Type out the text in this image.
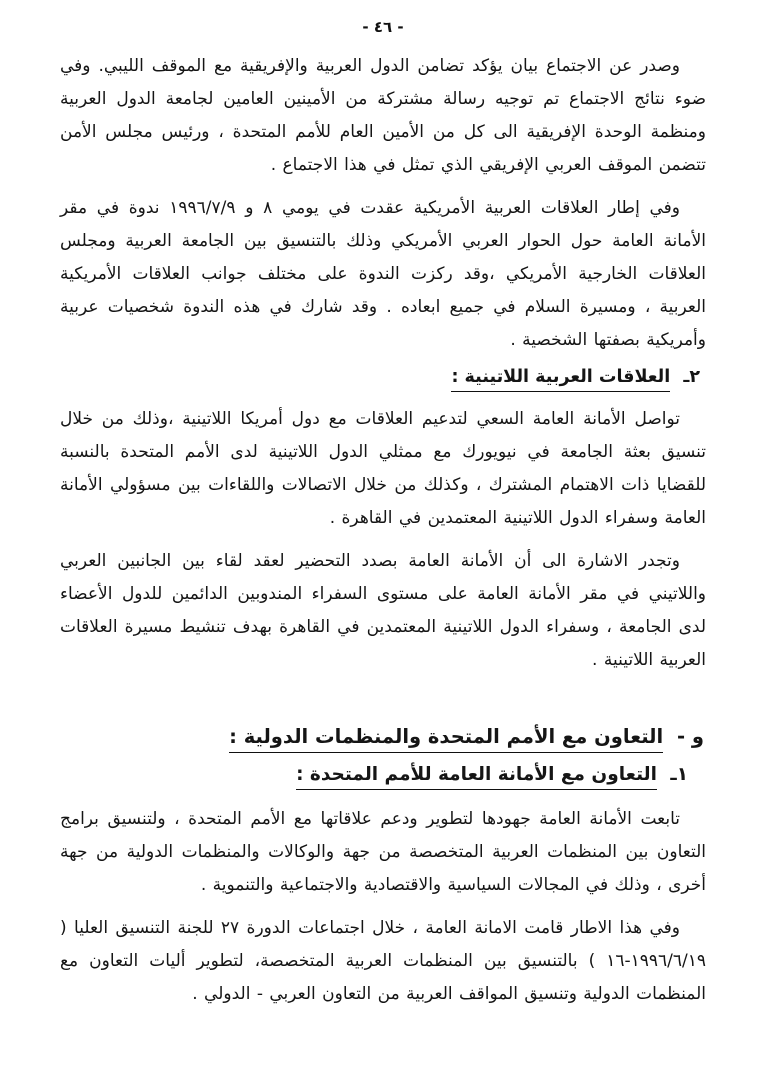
- ٤٦ -

وصدر عن الاجتماع بيان يؤكد تضامن الدول العربية والإفريقية مع الموقف الليبي. وفي ضوء نتائج الاجتماع تم توجيه رسالة مشتركة من الأمينين العامين لجامعة الدول العربية ومنظمة الوحدة الإفريقية الى كل من الأمين العام للأمم المتحدة ، ورئيس مجلس الأمن تتضمن الموقف العربي الإفريقي الذي تمثل في هذا الاجتماع .

وفي إطار العلاقات العربية الأمريكية عقدت في يومي ٨ و ١٩٩٦/٧/٩ ندوة في مقر الأمانة العامة حول الحوار العربي الأمريكي وذلك بالتنسيق بين الجامعة العربية ومجلس العلاقات الخارجية الأمريكي ،وقد ركزت الندوة على مختلف جوانب العلاقات الأمريكية العربية ، ومسيرة السلام في جميع ابعاده . وقد شارك في هذه الندوة شخصيات عربية وأمريكية بصفتها الشخصية .

٢ـ العلاقات العربية اللاتينية :

تواصل الأمانة العامة السعي لتدعيم العلاقات مع دول أمريكا اللاتينية ،وذلك من خلال تنسيق بعثة الجامعة في نيويورك مع ممثلي الدول اللاتينية لدى الأمم المتحدة بالنسبة للقضايا ذات الاهتمام المشترك ، وكذلك من خلال الاتصالات واللقاءات بين مسؤولي الأمانة العامة وسفراء الدول اللاتينية المعتمدين في القاهرة .

وتجدر الاشارة الى أن الأمانة العامة بصدد التحضير لعقد لقاء بين الجانبين العربي واللاتيني في مقر الأمانة العامة على مستوى السفراء المندوبين الدائمين للدول الأعضاء لدى الجامعة ، وسفراء الدول اللاتينية المعتمدين في القاهرة بهدف تنشيط مسيرة العلاقات العربية اللاتينية .

و - التعاون مع الأمم المتحدة والمنظمات الدولية :
١ـ التعاون مع الأمانة العامة للأمم المتحدة :

تابعت الأمانة العامة جهودها لتطوير ودعم علاقاتها مع الأمم المتحدة ، ولتنسيق برامج التعاون بين المنظمات العربية المتخصصة من جهة والوكالات والمنظمات الدولية من جهة أخرى ، وذلك في المجالات السياسية والاقتصادية والاجتماعية والتنموية .

وفي هذا الاطار قامت الامانة العامة ، خلال اجتماعات الدورة ٢٧ للجنة التنسيق العليا ( ١٩٩٦/٦/١٩-١٦ ) بالتنسيق بين المنظمات العربية المتخصصة، لتطوير أليات التعاون مع المنظمات الدولية وتنسيق المواقف العربية من التعاون العربي - الدولي .
